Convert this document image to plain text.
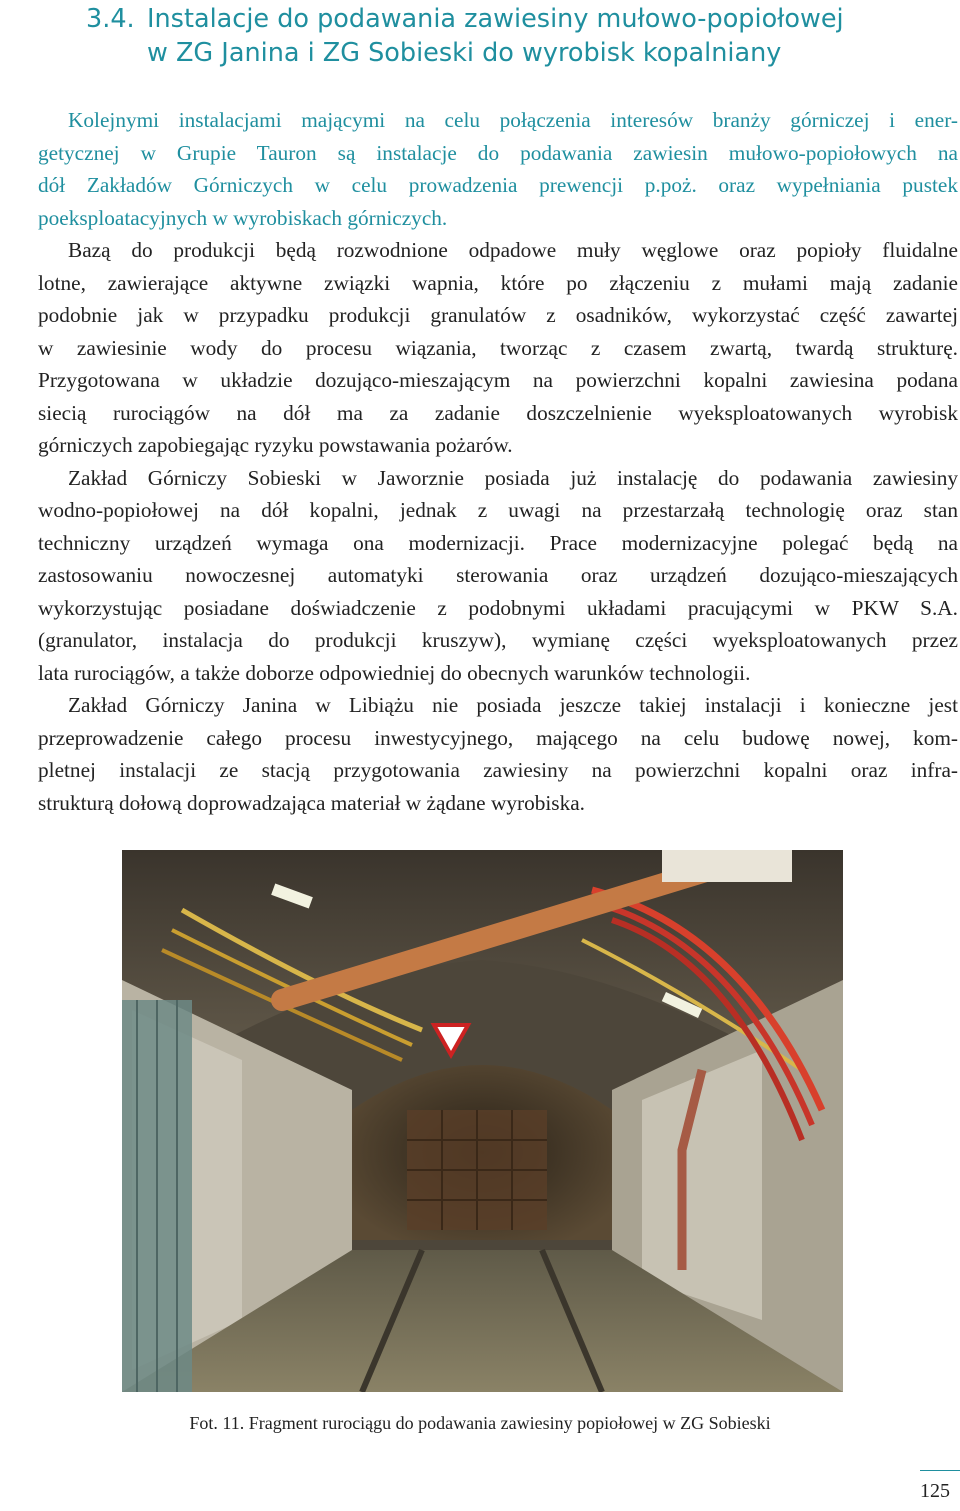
3.4. Instalacje do podawania zawiesiny mułowo-popiołowej
w ZG Janina i ZG Sobieski do wyrobisk kopalniany

Kolejnymi instalacjami mającymi na celu połączenia interesów branży górniczej i ener-
getycznej w Grupie Tauron są instalacje do podawania zawiesin mułowo-popiołowych na
dół Zakładów Górniczych w celu prowadzenia prewencji p.poż. oraz wypełniania pustek
poeksploatacyjnych w wyrobiskach górniczych.

Bazą do produkcji będą rozwodnione odpadowe muły węglowe oraz popioły fluidalne
lotne, zawierające aktywne związki wapnia, które po złączeniu z mułami mają zadanie
podobnie jak w przypadku produkcji granulatów z osadników, wykorzystać część zawartej
w zawiesinie wody do procesu wiązania, tworząc z czasem zwartą, twardą strukturę.
Przygotowana w układzie dozująco-mieszającym na powierzchni kopalni zawiesina podana
siecią rurociągów na dół ma za zadanie doszczelnienie wyeksploatowanych wyrobisk
górniczych zapobiegając ryzyku powstawania pożarów.

Zakład Górniczy Sobieski w Jaworznie posiada już instalację do podawania zawiesiny
wodno-popiołowej na dół kopalni, jednak z uwagi na przestarzałą technologię oraz stan
techniczny urządzeń wymaga ona modernizacji. Prace modernizacyjne polegać będą na
zastosowaniu nowoczesnej automatyki sterowania oraz urządzeń dozująco-mieszających
wykorzystując posiadane doświadczenie z podobnymi układami pracującymi w PKW S.A.
(granulator, instalacja do produkcji kruszyw), wymianę części wyeksploatowanych przez
lata rurociągów, a także doborze odpowiedniej do obecnych warunków technologii.

Zakład Górniczy Janina w Libiążu nie posiada jeszcze takiej instalacji i konieczne jest
przeprowadzenie całego procesu inwestycyjnego, mającego na celu budowę nowej, kom-
pletnej instalacji ze stacją przygotowania zawiesiny na powierzchni kopalni oraz infra-
strukturą dołową doprowadzająca materiał w żądane wyrobiska.

Fot. 11. Fragment rurociągu do podawania zawiesiny popiołowej w ZG Sobieski
125
